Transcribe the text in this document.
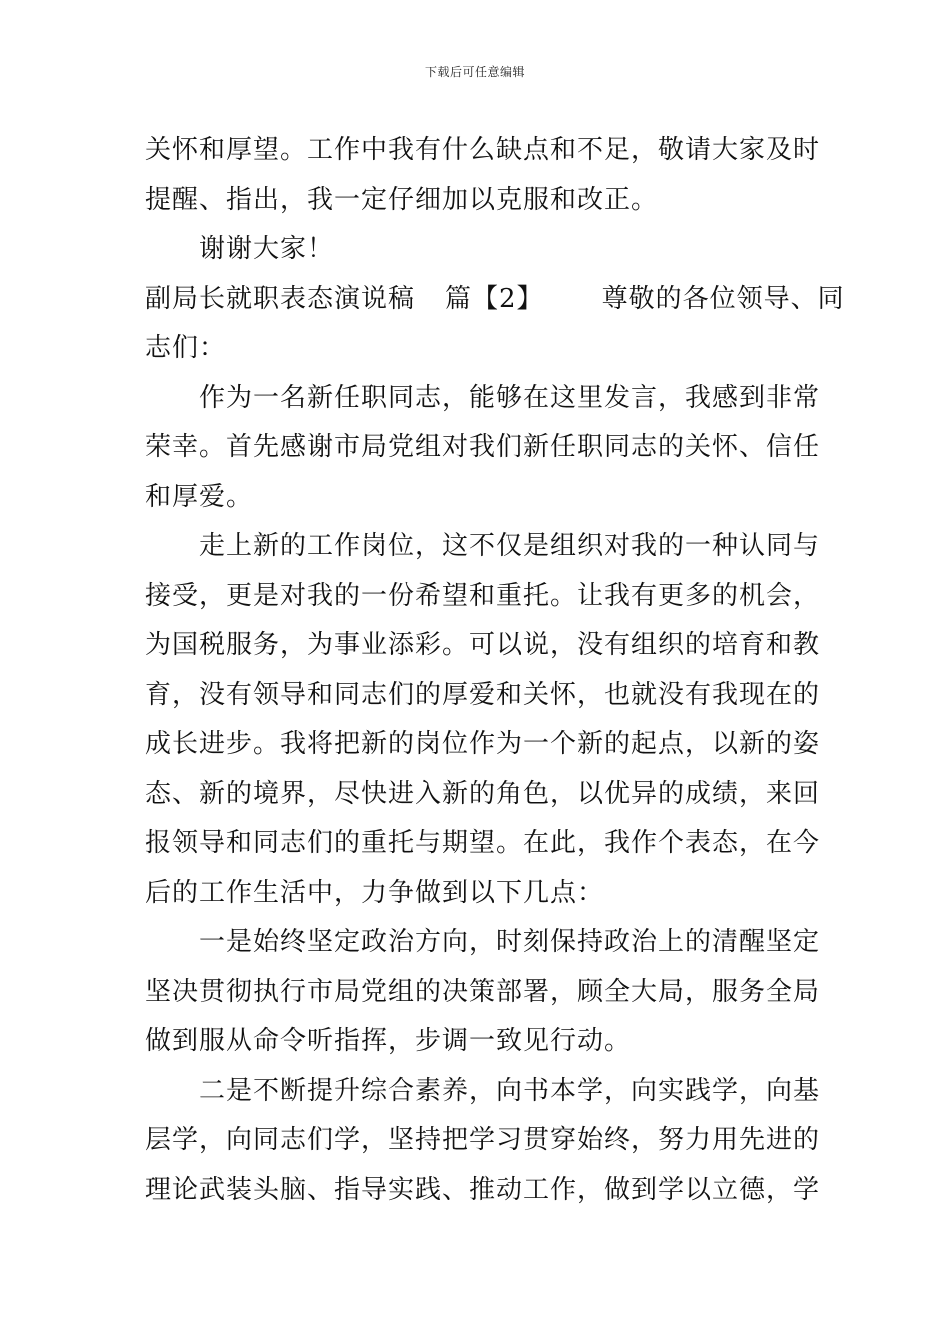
下载后可任意编辑
关怀和厚望。工作中我有什么缺点和不足，敬请大家及时
提醒、指出，我一定仔细加以克服和改正。
谢谢大家！
副局长就职表态演说稿 篇【2】 尊敬的各位领导、同
志们：
作为一名新任职同志，能够在这里发言，我感到非常
荣幸。首先感谢市局党组对我们新任职同志的关怀、信任
和厚爱。
走上新的工作岗位，这不仅是组织对我的一种认同与
接受，更是对我的一份希望和重托。让我有更多的机会，
为国税服务，为事业添彩。可以说，没有组织的培育和教
育，没有领导和同志们的厚爱和关怀，也就没有我现在的
成长进步。我将把新的岗位作为一个新的起点，以新的姿
态、新的境界，尽快进入新的角色，以优异的成绩，来回
报领导和同志们的重托与期望。在此，我作个表态，在今
后的工作生活中，力争做到以下几点：
一是始终坚定政治方向，时刻保持政治上的清醒坚定
坚决贯彻执行市局党组的决策部署，顾全大局，服务全局
做到服从命令听指挥，步调一致见行动。
二是不断提升综合素养，向书本学，向实践学，向基
层学，向同志们学，坚持把学习贯穿始终，努力用先进的
理论武装头脑、指导实践、推动工作，做到学以立德，学
